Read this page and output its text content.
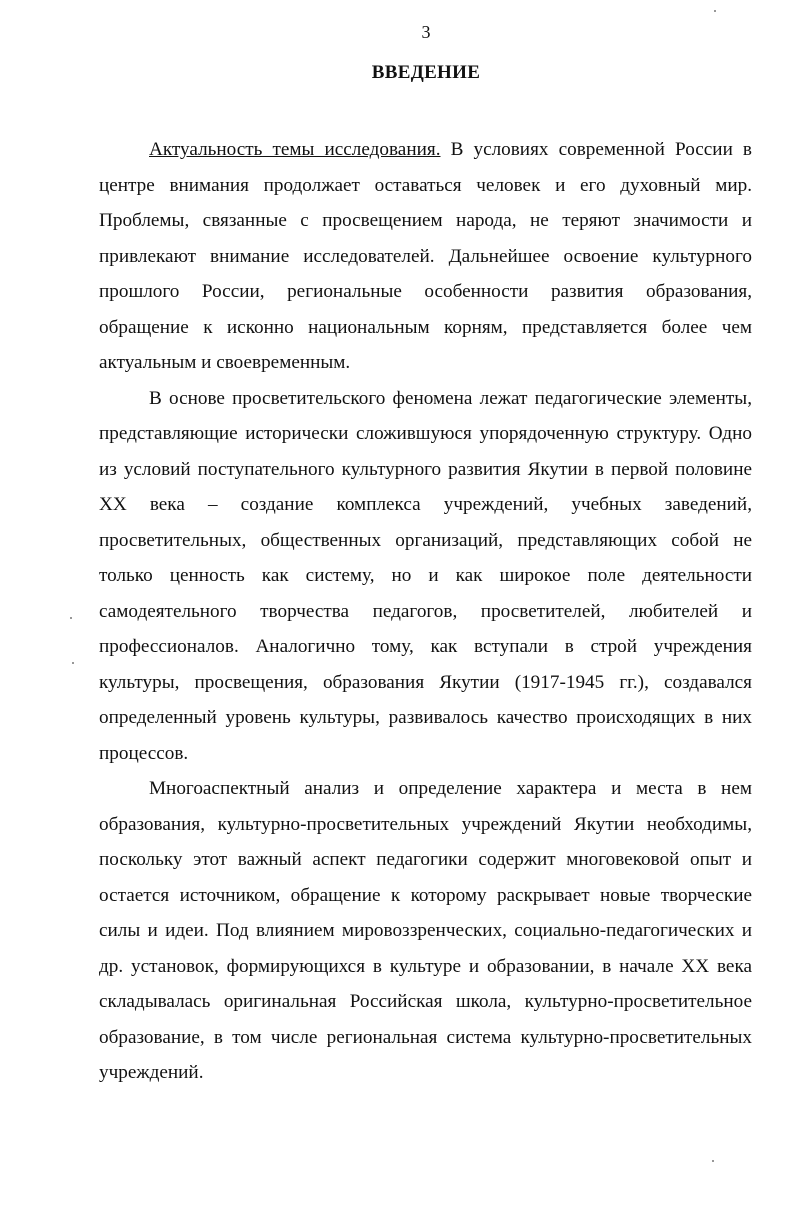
3

ВВЕДЕНИЕ

Актуальность темы исследования. В условиях современной России в центре внимания продолжает оставаться человек и его духовный мир. Проблемы, связанные с просвещением народа, не теряют значимости и привлекают внимание исследователей. Дальнейшее освоение культурного прошлого России, региональные особенности развития образования, обращение к исконно национальным корням, представляется более чем актуальным и своевременным.

В основе просветительского феномена лежат педагогические элементы, представляющие исторически сложившуюся упорядоченную структуру. Одно из условий поступательного культурного развития Якутии в первой половине XX века – создание комплекса учреждений, учебных заведений, просветительных, общественных организаций, представляющих собой не только ценность как систему, но и как широкое поле деятельности самодеятельного творчества педагогов, просветителей, любителей и профессионалов. Аналогично тому, как вступали в строй учреждения культуры, просвещения, образования Якутии (1917-1945 гг.), создавался определенный уровень культуры, развивалось качество происходящих в них процессов.

Многоаспектный анализ и определение характера и места в нем образования, культурно-просветительных учреждений Якутии необходимы, поскольку этот важный аспект педагогики содержит многовековой опыт и остается источником, обращение к которому раскрывает новые творческие силы и идеи. Под влиянием мировоззренческих, социально-педагогических и др. установок, формирующихся в культуре и образовании, в начале XX века складывалась оригинальная Российская школа, культурно-просветительное образование, в том числе региональная система культурно-просветительных учреждений.
